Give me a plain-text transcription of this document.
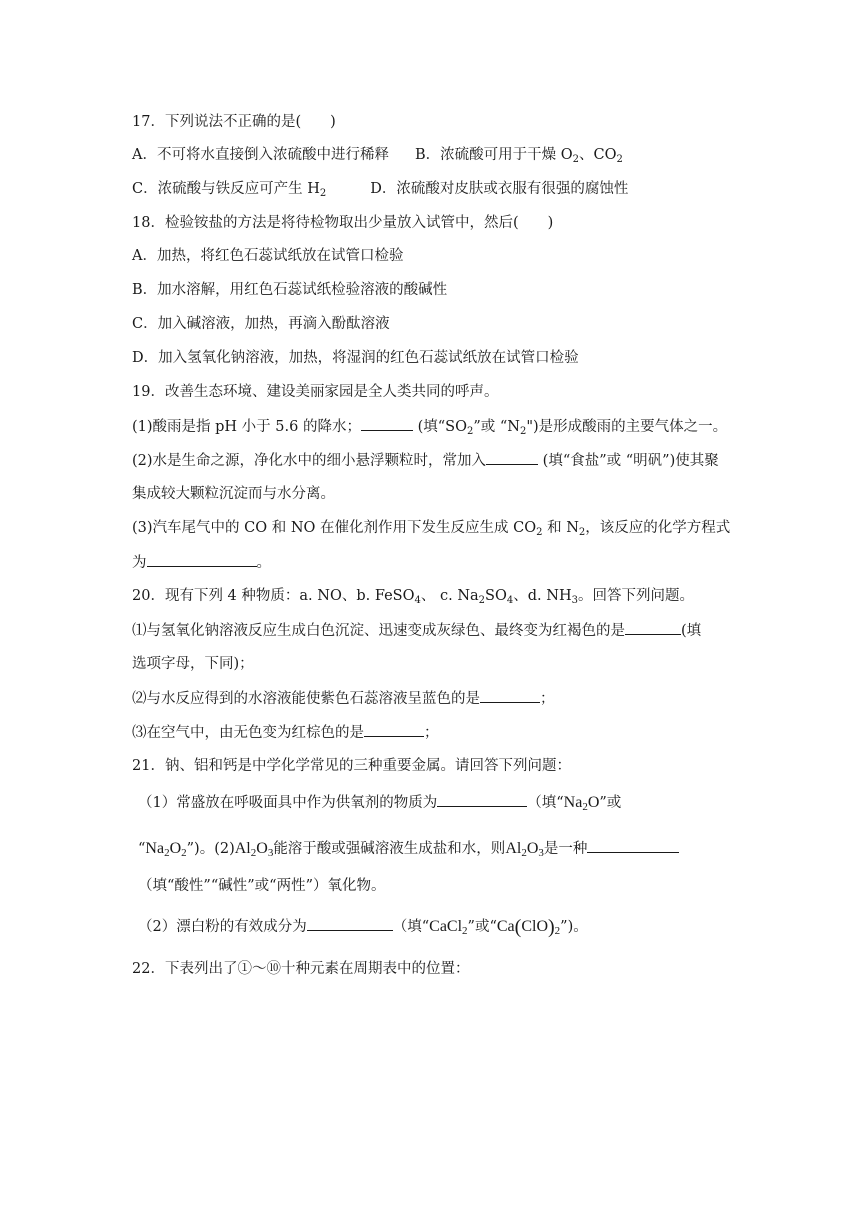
17．下列说法不正确的是(　　)
A．不可将水直接倒入浓硫酸中进行稀释 B．浓硫酸可用于干燥 $O_2$、$CO_2$
C．浓硫酸与铁反应可产生 $H_2$	D．浓硫酸对皮肤或衣服有很强的腐蚀性
18．检验铵盐的方法是将待检物取出少量放入试管中，然后(　　)
A．加热，将红色石蕊试纸放在试管口检验
B．加水溶解，用红色石蕊试纸检验溶液的酸碱性
C．加入碱溶液，加热，再滴入酚酞溶液
D．加入氢氧化钠溶液，加热，将湿润的红色石蕊试纸放在试管口检验
19．改善生态环境、建设美丽家园是全人类共同的呼声。
(1)酸雨是指 pH 小于 5.6 的降水；	(填“$SO_2$”或 “$N_2$")是形成酸雨的主要气体之一。
(2)水是生命之源，净化水中的细小悬浮颗粒时，常加入	(填“食盐”或 “明矾”)使其聚
集成较大颗粒沉淀而与水分离。
(3)汽车尾气中的 CO 和 NO 在催化剂作用下发生反应生成 $CO_2$ 和 $N_2$，该反应的化学方程式
为	。
20．现有下列 4 种物质：a. NO、b. FeSO$_4$、 c. $Na_2SO_4$、d. $NH_3$。回答下列问题。
⑴与氢氧化钠溶液反应生成白色沉淀、迅速变成灰绿色、最终变为红褐色的是	(填
选项字母，下同)；
⑵与水反应得到的水溶液能使紫色石蕊溶液呈蓝色的是	；
⑶在空气中，由无色变为红棕色的是	；
21．钠、铝和钙是中学化学常见的三种重要金属。请回答下列问题：
（1）常盛放在呼吸面具中作为供氧剂的物质为	（填“$Na_2O$”或
“$Na_2O_2$”)。$(2)Al_2O_3$能溶于酸或强碱溶液生成盐和水，则$Al_2O_3$是一种
（填“酸性”“碱性”或“两性”）氧化物。
（2）漂白粉的有效成分为	（填“CaCl$_2$”或“$Ca(ClO)_2$”)。
22．下表列出了①～⑩十种元素在周期表中的位置：
